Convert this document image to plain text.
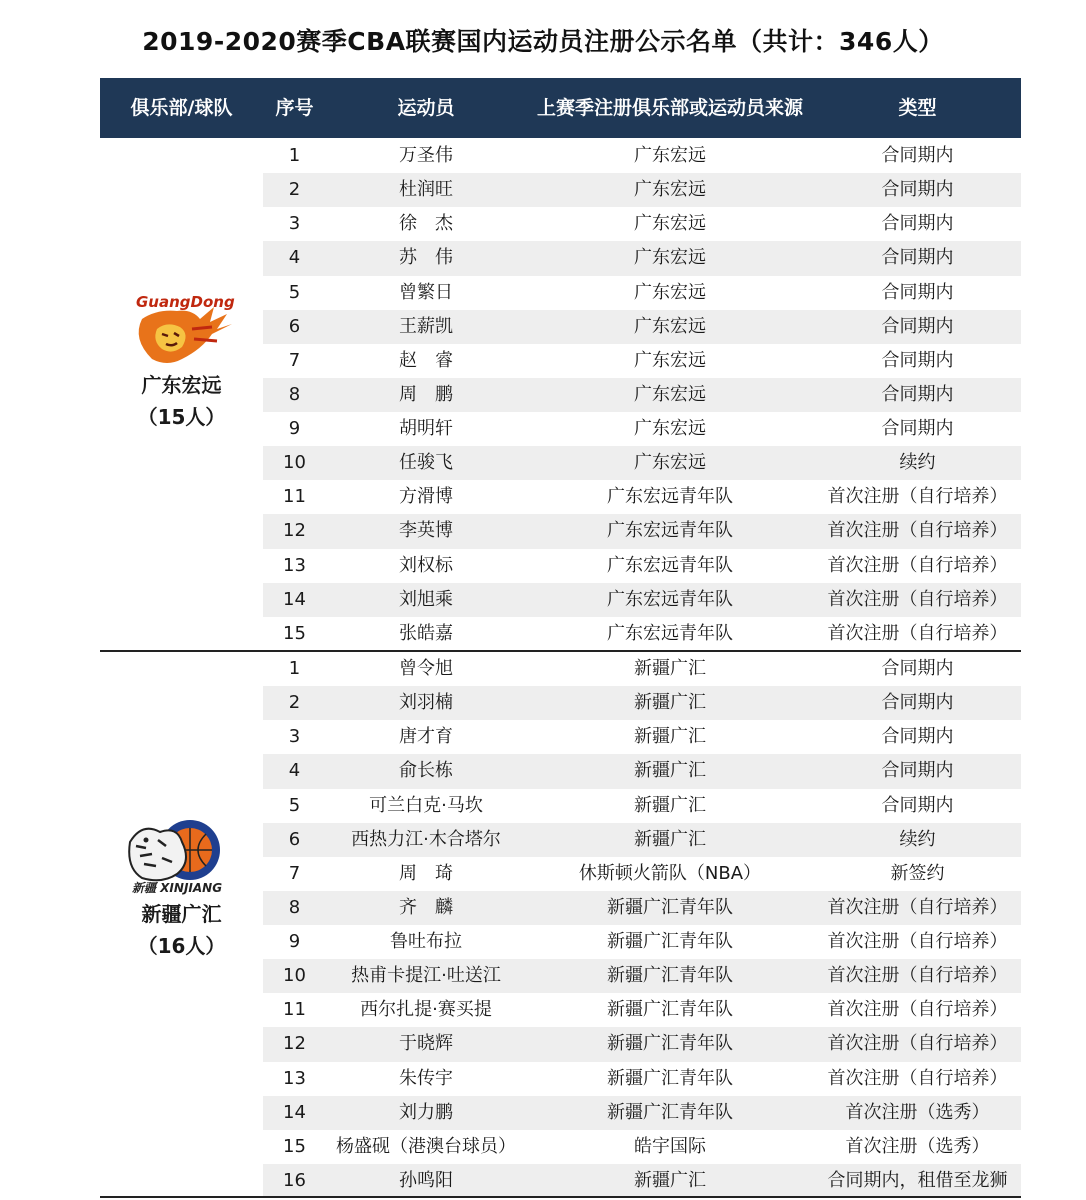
2019-2020赛季CBA联赛国内运动员注册公示名单（共计：346人）
俱乐部/球队	序号	运动员	上赛季注册俱乐部或运动员来源	类型
GuangDong
广东宏远
（15人）
1	万圣伟	广东宏远	合同期内
2	杜润旺	广东宏远	合同期内
3	徐　杰	广东宏远	合同期内
4	苏　伟	广东宏远	合同期内
5	曾繁日	广东宏远	合同期内
6	王薪凯	广东宏远	合同期内
7	赵　睿	广东宏远	合同期内
8	周　鹏	广东宏远	合同期内
9	胡明轩	广东宏远	合同期内
10	任骏飞	广东宏远	续约
11	方滑博	广东宏远青年队	首次注册（自行培养）
12	李英博	广东宏远青年队	首次注册（自行培养）
13	刘权标	广东宏远青年队	首次注册（自行培养）
14	刘旭乘	广东宏远青年队	首次注册（自行培养）
15	张皓嘉	广东宏远青年队	首次注册（自行培养）
新疆 XINJIANG
新疆广汇
（16人）
1	曾令旭	新疆广汇	合同期内
2	刘羽楠	新疆广汇	合同期内
3	唐才育	新疆广汇	合同期内
4	俞长栋	新疆广汇	合同期内
5	可兰白克·马坎	新疆广汇	合同期内
6	西热力江·木合塔尔	新疆广汇	续约
7	周　琦	休斯顿火箭队（NBA）	新签约
8	齐　麟	新疆广汇青年队	首次注册（自行培养）
9	鲁吐布拉	新疆广汇青年队	首次注册（自行培养）
10	热甫卡提江·吐送江	新疆广汇青年队	首次注册（自行培养）
11	西尔扎提·赛买提	新疆广汇青年队	首次注册（自行培养）
12	于晓辉	新疆广汇青年队	首次注册（自行培养）
13	朱传宇	新疆广汇青年队	首次注册（自行培养）
14	刘力鹏	新疆广汇青年队	首次注册（选秀）
15	杨盛砚（港澳台球员）	皓宇国际	首次注册（选秀）
16	孙鸣阳	新疆广汇	合同期内，租借至龙狮
